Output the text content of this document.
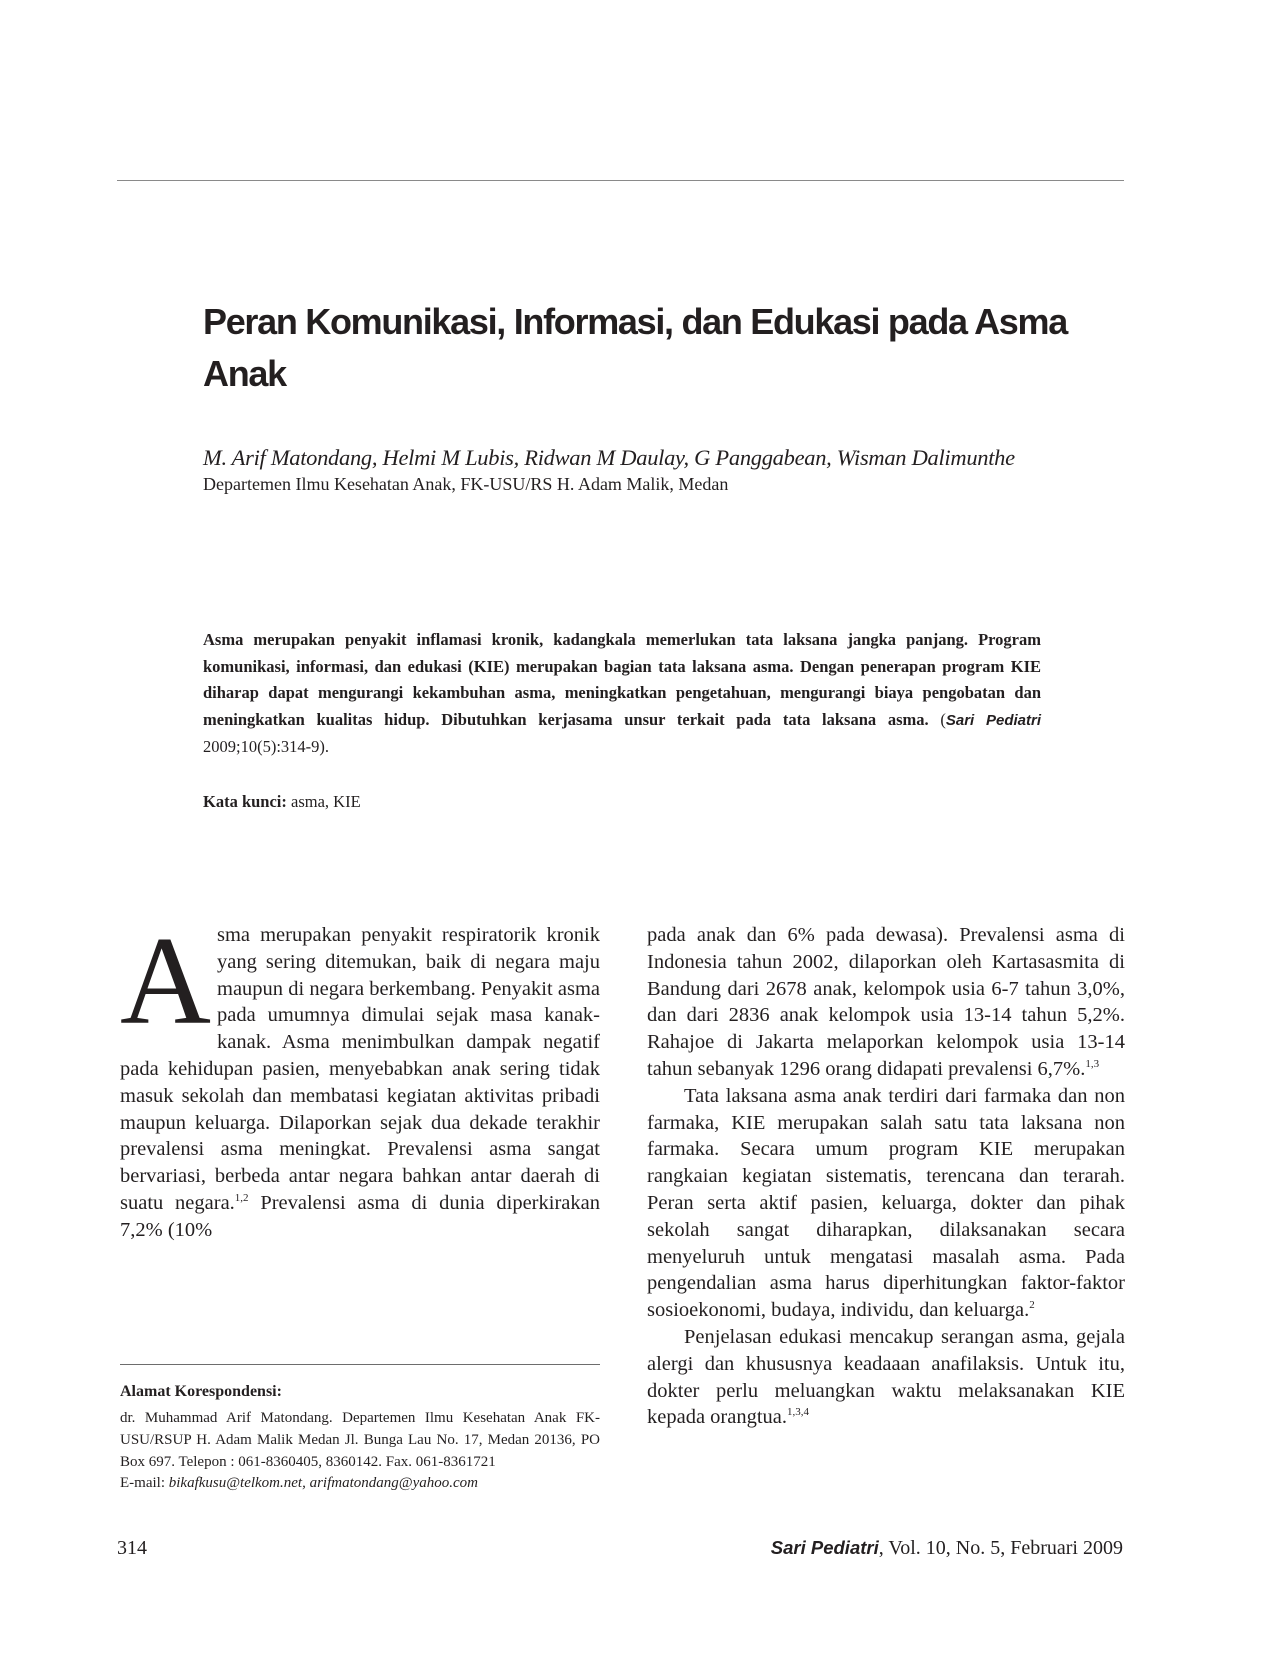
Peran Komunikasi, Informasi, dan Edukasi pada Asma Anak
M. Arif Matondang, Helmi M Lubis, Ridwan M Daulay, G Panggabean, Wisman Dalimunthe
Departemen Ilmu Kesehatan Anak, FK-USU/RS H. Adam Malik, Medan

Asma merupakan penyakit inflamasi kronik, kadangkala memerlukan tata laksana jangka panjang. Program komunikasi, informasi, dan edukasi (KIE) merupakan bagian tata laksana asma. Dengan penerapan program KIE diharap dapat mengurangi kekambuhan asma, meningkatkan pengetahuan, mengurangi biaya pengobatan dan meningkatkan kualitas hidup. Dibutuhkan kerjasama unsur terkait pada tata laksana asma. (Sari Pediatri 2009;10(5):314-9).

Kata kunci: asma, KIE

Asma merupakan penyakit respiratorik kronik yang sering ditemukan, baik di negara maju maupun di negara berkembang. Penyakit asma pada umumnya dimulai sejak masa kanak-kanak. Asma menimbulkan dampak negatif pada kehidupan pasien, menyebabkan anak sering tidak masuk sekolah dan membatasi kegiatan aktivitas pribadi maupun keluarga. Dilaporkan sejak dua dekade terakhir prevalensi asma meningkat. Prevalensi asma sangat bervariasi, berbeda antar negara bahkan antar daerah di suatu negara.$^{1,2}$ Prevalensi asma di dunia diperkirakan 7,2% (10%

pada anak dan 6% pada dewasa). Prevalensi asma di Indonesia tahun 2002, dilaporkan oleh Kartasasmita di Bandung dari 2678 anak, kelompok usia 6-7 tahun 3,0%, dan dari 2836 anak kelompok usia 13-14 tahun 5,2%. Rahajoe di Jakarta melaporkan kelompok usia 13-14 tahun sebanyak 1296 orang didapati prevalensi 6,7%.$^{1,3}$

Tata laksana asma anak terdiri dari farmaka dan non farmaka, KIE merupakan salah satu tata laksana non farmaka. Secara umum program KIE merupakan rangkaian kegiatan sistematis, terencana dan terarah. Peran serta aktif pasien, keluarga, dokter dan pihak sekolah sangat diharapkan, dilaksanakan secara menyeluruh untuk mengatasi masalah asma. Pada pengendalian asma harus diperhitungkan faktor-faktor sosioekonomi, budaya, individu, dan keluarga.$^2$

Penjelasan edukasi mencakup serangan asma, gejala alergi dan khususnya keadaaan anafilaksis. Untuk itu, dokter perlu meluangkan waktu melaksanakan KIE kepada orangtua.$^{1,3,4}$

Alamat Korespondensi:
dr. Muhammad Arif Matondang. Departemen Ilmu Kesehatan Anak FK-USU/RSUP H. Adam Malik Medan Jl. Bunga Lau No. 17, Medan 20136, PO Box 697. Telepon : 061-8360405, 8360142. Fax. 061-8361721
E-mail: bikafkusu@telkom.net, arifmatondang@yahoo.com
314	Sari Pediatri, Vol. 10, No. 5, Februari 2009
